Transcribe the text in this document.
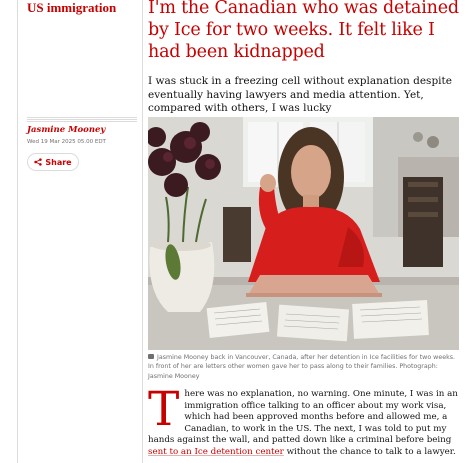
US immigration I'm the Canadian who was detained by Ice for two weeks. It felt like I had been kidnapped

I was stuck in a freezing cell without explanation despite eventually having lawyers and media attention. Yet, compared with others, I was lucky

Jasmine Mooney
Wed 19 Mar 2025 05.00 EDT
Share
Jasmine Mooney back in Vancouver, Canada, after her detention in Ice facilities for two weeks. In front of her are letters other women gave her to pass along to their families. Photograph: Jasmine Mooney

There was no explanation, no warning. One minute, I was in an immigration office talking to an officer about my work visa, which had been approved months before and allowed me, a Canadian, to work in the US. The next, I was told to put my hands against the wall, and patted down like a criminal before being sent to an Ice detention center without the chance to talk to a lawyer.
